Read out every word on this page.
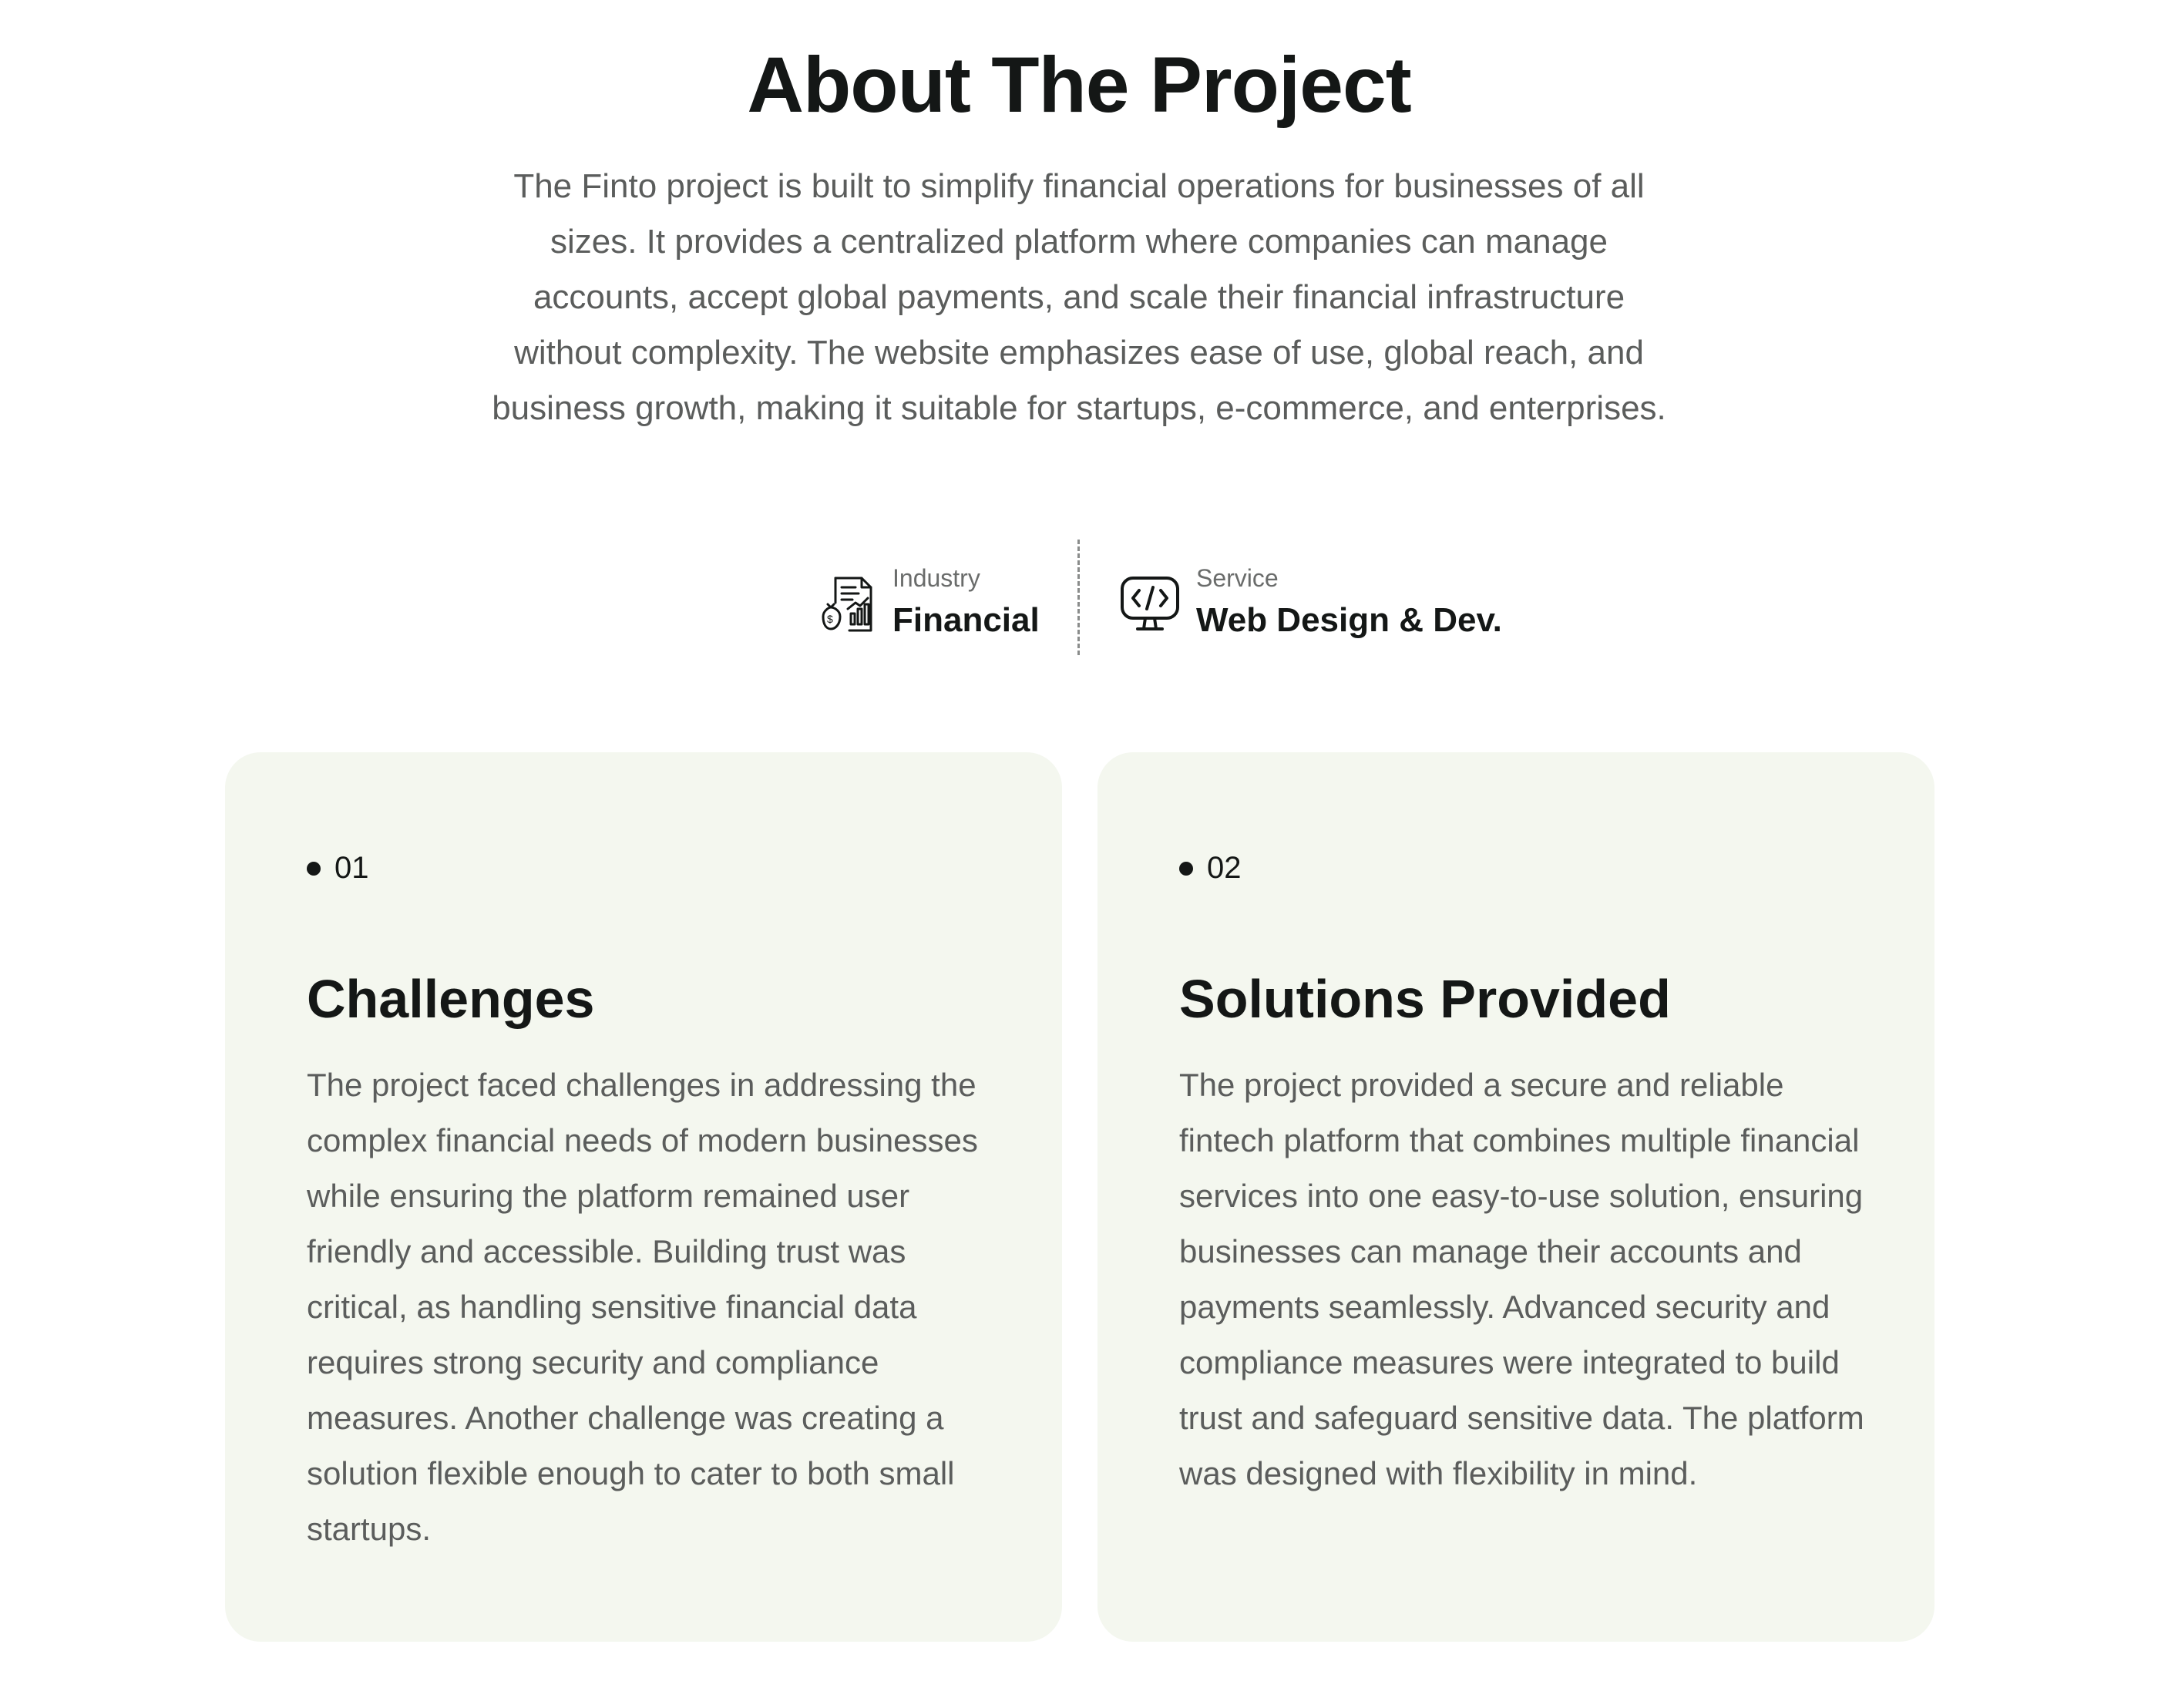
About The Project

The Finto project is built to simplify financial operations for businesses of all sizes. It provides a centralized platform where companies can manage accounts, accept global payments, and scale their financial infrastructure without complexity. The website emphasizes ease of use, global reach, and business growth, making it suitable for startups, e-commerce, and enterprises.

$
Industry
Financial
Service
Web Design & Dev.
01
Challenges

The project faced challenges in addressing the complex financial needs of modern businesses while ensuring the platform remained user friendly and accessible. Building trust was critical, as handling sensitive financial data requires strong security and compliance measures. Another challenge was creating a solution flexible enough to cater to both small startups.

02
Solutions Provided

The project provided a secure and reliable fintech platform that combines multiple financial services into one easy-to-use solution, ensuring businesses can manage their accounts and payments seamlessly. Advanced security and compliance measures were integrated to build trust and safeguard sensitive data. The platform was designed with flexibility in mind.
